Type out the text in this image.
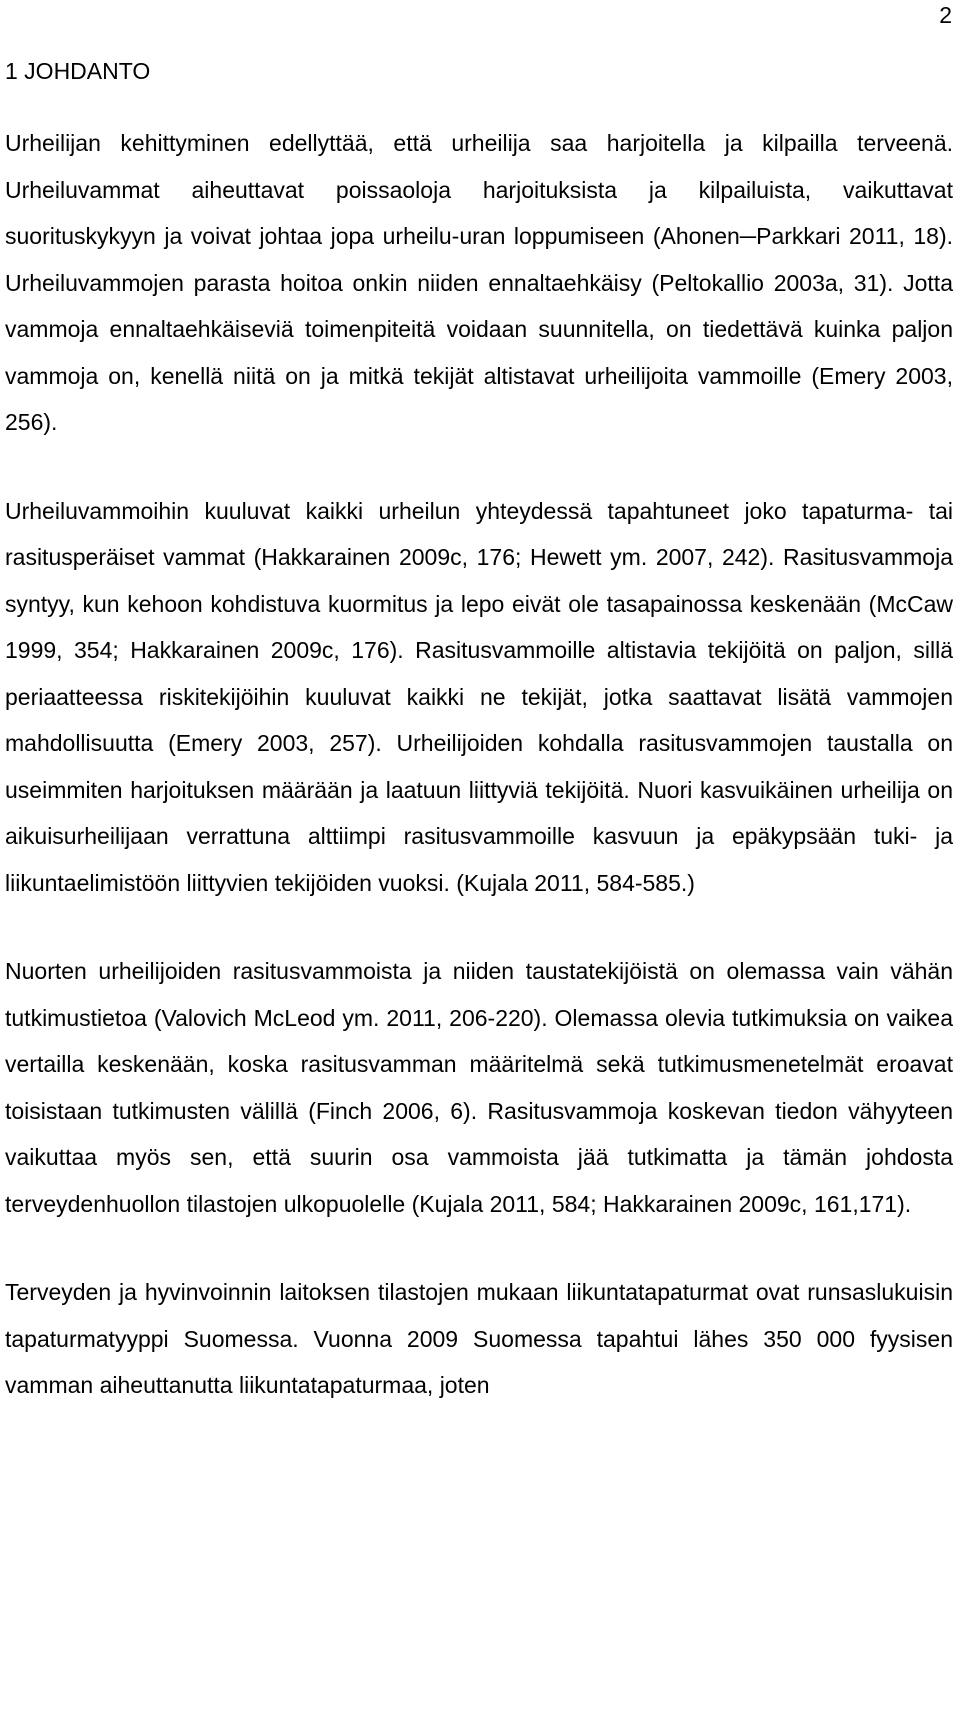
2
1 JOHDANTO

Urheilijan kehittyminen edellyttää, että urheilija saa harjoitella ja kilpailla terveenä. Urheiluvammat aiheuttavat poissaoloja harjoituksista ja kilpailuista, vaikuttavat suorituskykyyn ja voivat johtaa jopa urheilu-uran loppumiseen (Ahonen─Parkkari 2011, 18). Urheiluvammojen parasta hoitoa onkin niiden ennaltaehkäisy (Peltokallio 2003a, 31). Jotta vammoja ennaltaehkäiseviä toimenpiteitä voidaan suunnitella, on tiedettävä kuinka paljon vammoja on, kenellä niitä on ja mitkä tekijät altistavat urheilijoita vammoille (Emery 2003, 256).

Urheiluvammoihin kuuluvat kaikki urheilun yhteydessä tapahtuneet joko tapaturma- tai rasitusperäiset vammat (Hakkarainen 2009c, 176; Hewett ym. 2007, 242). Rasitusvammoja syntyy, kun kehoon kohdistuva kuormitus ja lepo eivät ole tasapainossa keskenään (McCaw 1999, 354; Hakkarainen 2009c, 176). Rasitusvammoille altistavia tekijöitä on paljon, sillä periaatteessa riskitekijöihin kuuluvat kaikki ne tekijät, jotka saattavat lisätä vammojen mahdollisuutta (Emery 2003, 257). Urheilijoiden kohdalla rasitusvammojen taustalla on useimmiten harjoituksen määrään ja laatuun liittyviä tekijöitä. Nuori kasvuikäinen urheilija on aikuisurheilijaan verrattuna alttiimpi rasitusvammoille kasvuun ja epäkypsään tuki- ja liikuntaelimistöön liittyvien tekijöiden vuoksi. (Kujala 2011, 584-585.)

Nuorten urheilijoiden rasitusvammoista ja niiden taustatekijöistä on olemassa vain vähän tutkimustietoa (Valovich McLeod ym. 2011, 206-220). Olemassa olevia tutkimuksia on vaikea vertailla keskenään, koska rasitusvamman määritelmä sekä tutkimusmenetelmät eroavat toisistaan tutkimusten välillä (Finch 2006, 6). Rasitusvammoja koskevan tiedon vähyyteen vaikuttaa myös sen, että suurin osa vammoista jää tutkimatta ja tämän johdosta terveydenhuollon tilastojen ulkopuolelle (Kujala 2011, 584; Hakkarainen 2009c, 161,171).

Terveyden ja hyvinvoinnin laitoksen tilastojen mukaan liikuntatapaturmat ovat runsaslukuisin tapaturmatyyppi Suomessa. Vuonna 2009 Suomessa tapahtui lähes 350 000 fyysisen vamman aiheuttanutta liikuntatapaturmaa, joten
